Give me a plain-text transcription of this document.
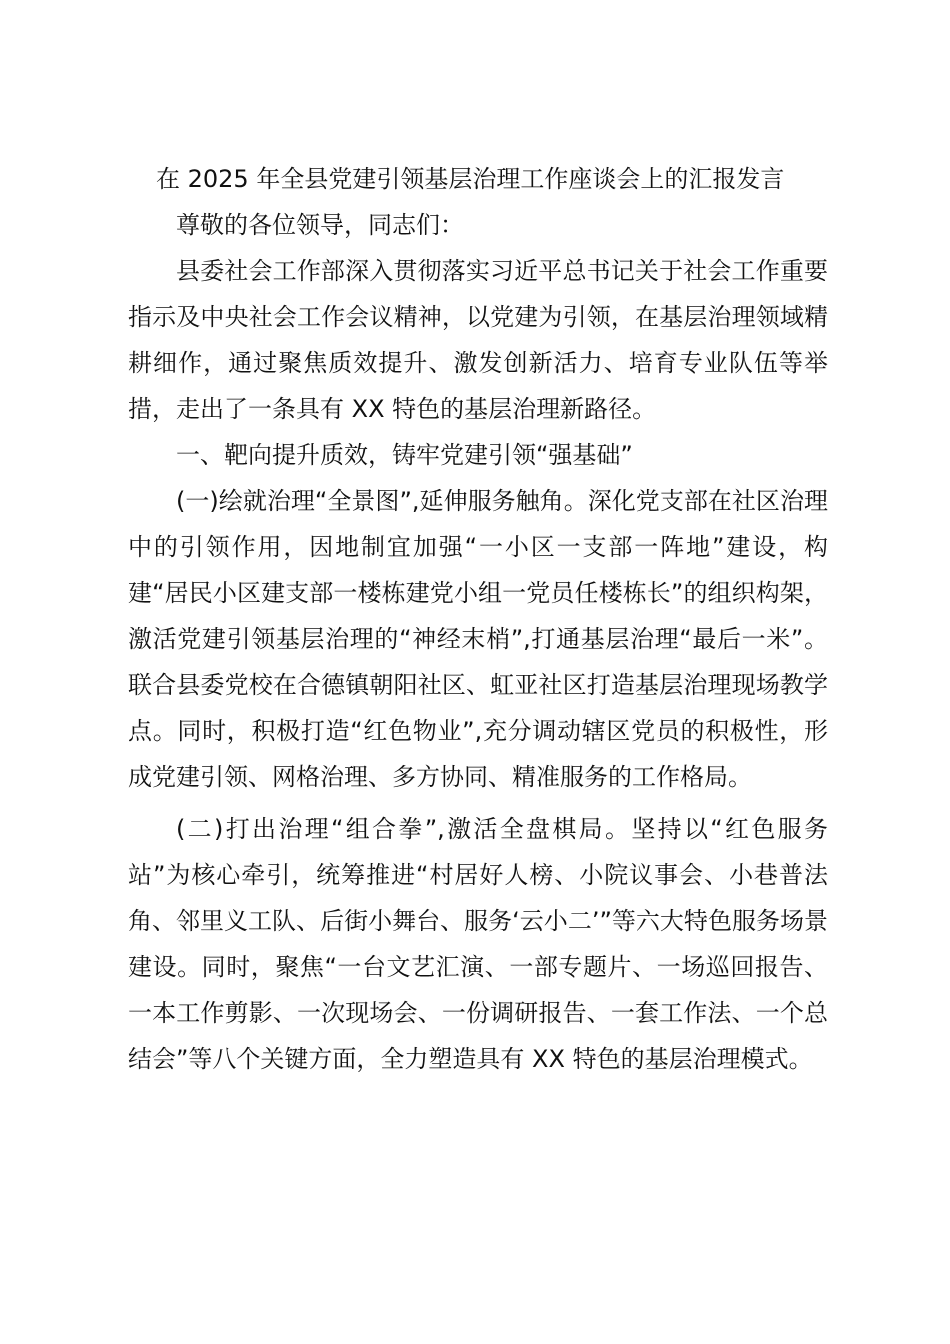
在 2025 年全县党建引领基层治理工作座谈会上的汇报发言

尊敬的各位领导，同志们：

县委社会工作部深入贯彻落实习近平总书记关于社会工作重要指示及中央社会工作会议精神，以党建为引领，在基层治理领域精耕细作，通过聚焦质效提升、激发创新活力、培育专业队伍等举措，走出了一条具有 XX 特色的基层治理新路径。

一、靶向提升质效，铸牢党建引领“强基础”

(一)绘就治理“全景图”,延伸服务触角。深化党支部在社区治理中的引领作用，因地制宜加强“一小区一支部一阵地”建设，构建“居民小区建支部一楼栋建党小组一党员任楼栋长”的组织构架，激活党建引领基层治理的“神经末梢”,打通基层治理“最后一米”。联合县委党校在合德镇朝阳社区、虹亚社区打造基层治理现场教学点。同时，积极打造“红色物业”,充分调动辖区党员的积极性，形成党建引领、网格治理、多方协同、精准服务的工作格局。

(二)打出治理“组合拳”,激活全盘棋局。坚持以“红色服务站”为核心牵引，统筹推进“村居好人榜、小院议事会、小巷普法角、邻里义工队、后街小舞台、服务‘云小二’”等六大特色服务场景建设。同时，聚焦“一台文艺汇演、一部专题片、一场巡回报告、一本工作剪影、一次现场会、一份调研报告、一套工作法、一个总结会”等八个关键方面，全力塑造具有 XX 特色的基层治理模式。
